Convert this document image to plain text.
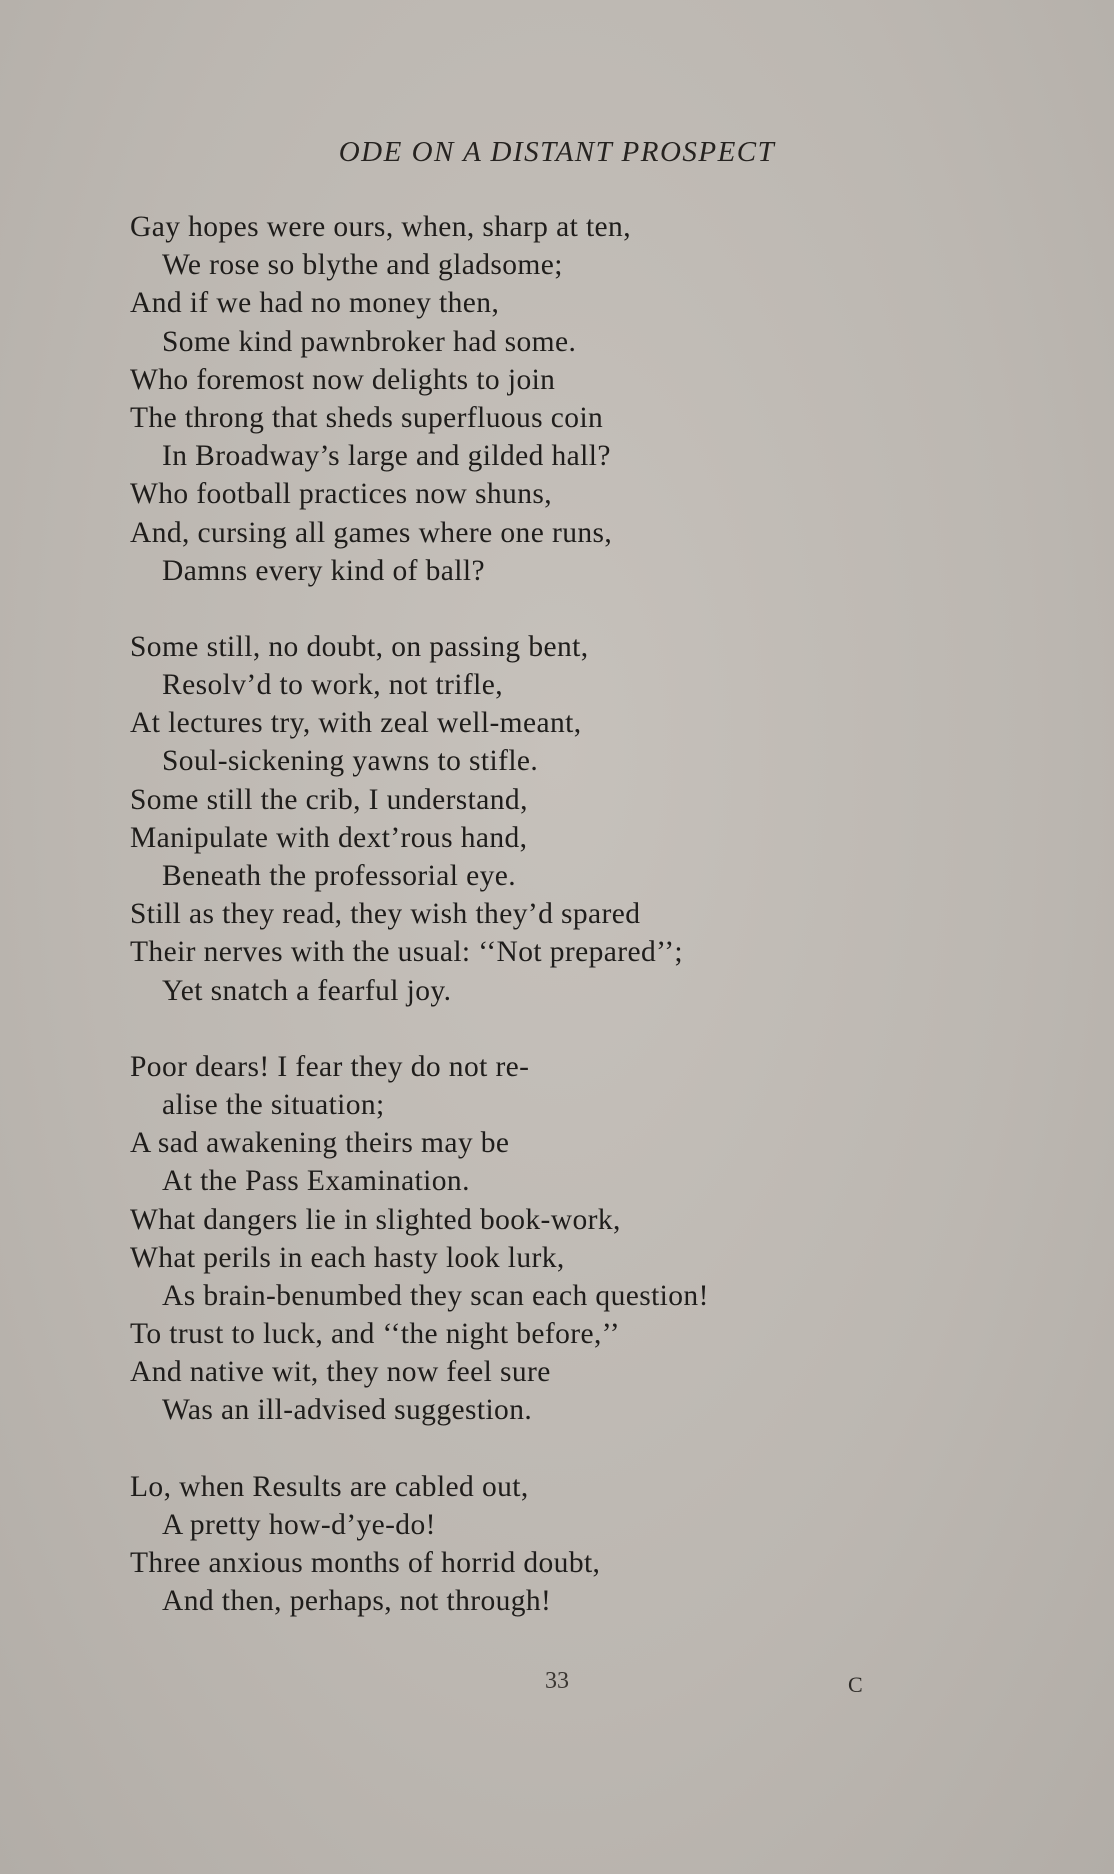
ODE ON A DISTANT PROSPECT
Gay hopes were ours, when, sharp at ten,
We rose so blythe and gladsome;
And if we had no money then,
Some kind pawnbroker had some.
Who foremost now delights to join
The throng that sheds superfluous coin
In Broadway’s large and gilded hall?
Who football practices now shuns,
And, cursing all games where one runs,
Damns every kind of ball?
Some still, no doubt, on passing bent,
Resolv’d to work, not trifle,
At lectures try, with zeal well-meant,
Soul-sickening yawns to stifle.
Some still the crib, I understand,
Manipulate with dext’rous hand,
Beneath the professorial eye.
Still as they read, they wish they’d spared
Their nerves with the usual: ‘‘Not prepared’’;
Yet snatch a fearful joy.
Poor dears! I fear they do not re-
alise the situation;
A sad awakening theirs may be
At the Pass Examination.
What dangers lie in slighted book-work,
What perils in each hasty look lurk,
As brain-benumbed they scan each question!
To trust to luck, and ‘‘the night before,’’
And native wit, they now feel sure
Was an ill-advised suggestion.
Lo, when Results are cabled out,
A pretty how-d’ye-do!
Three anxious months of horrid doubt,
And then, perhaps, not through!
33	C
